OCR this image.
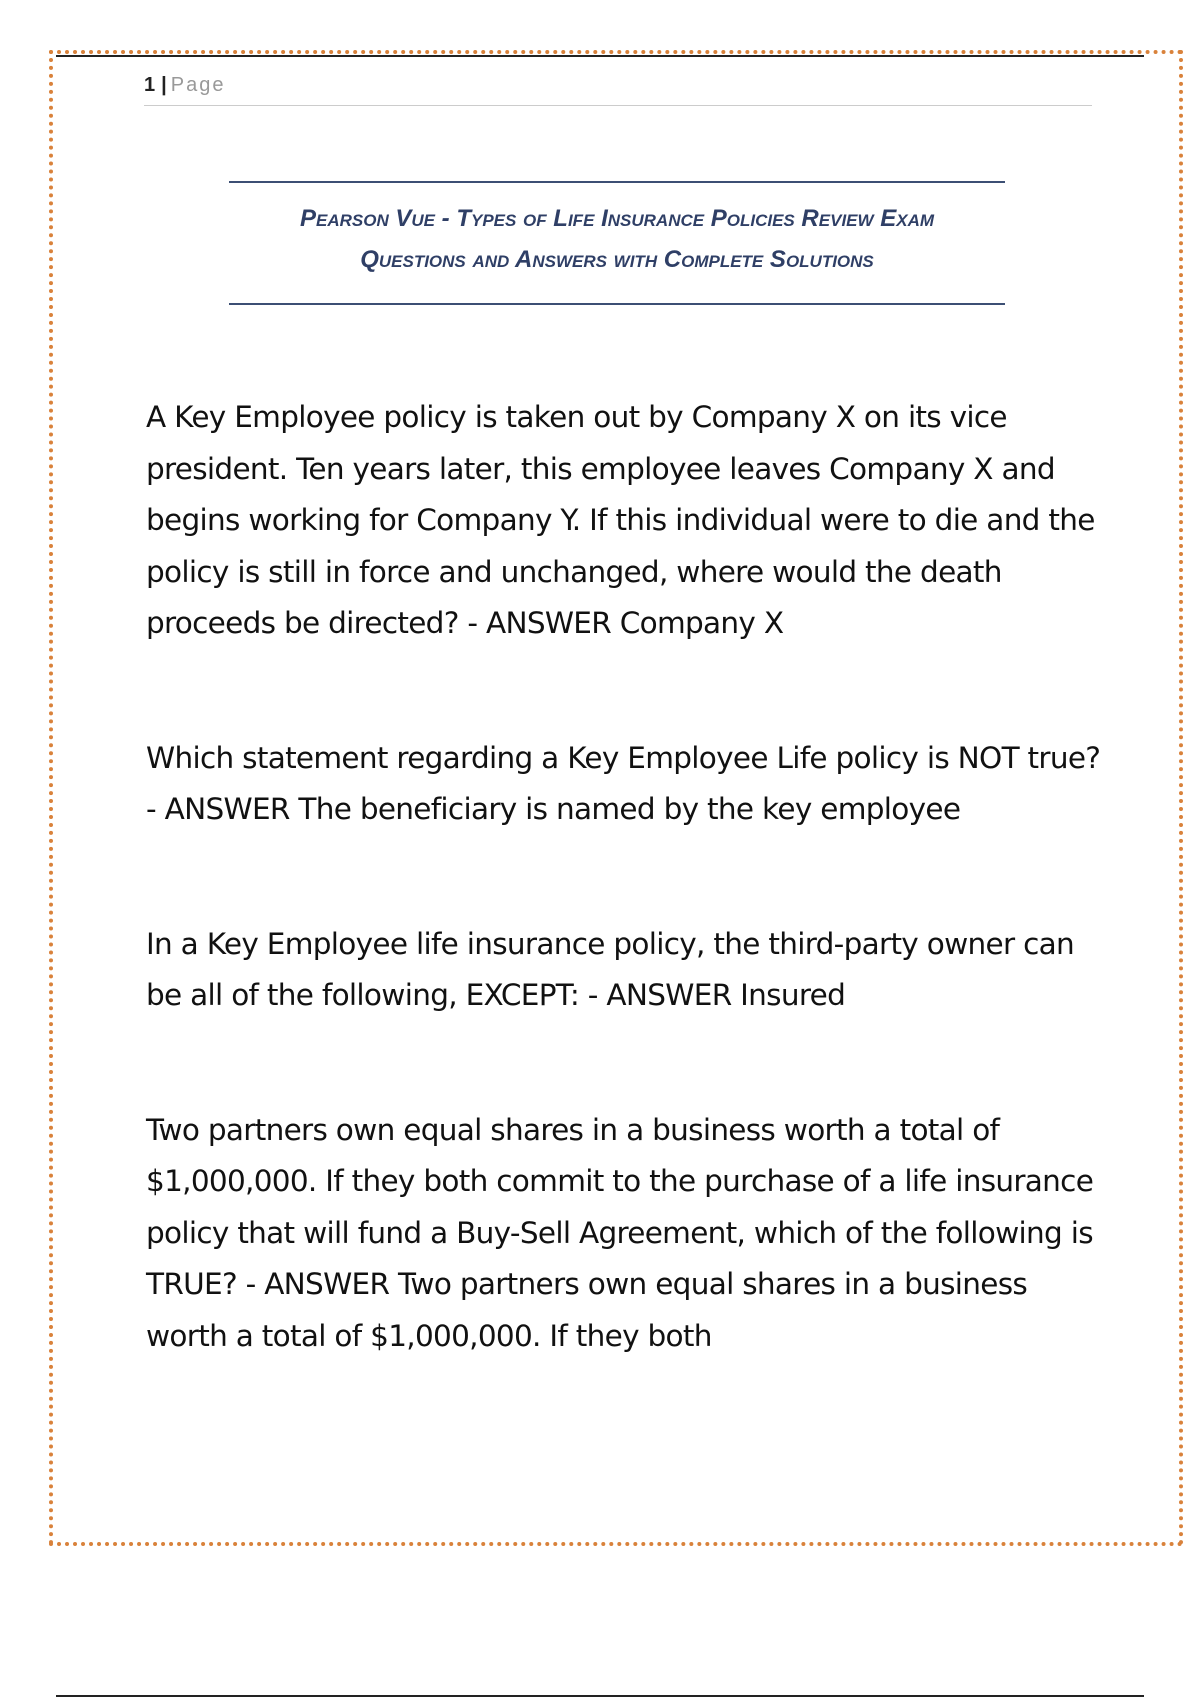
1 | Page
Pearson Vue - Types of Life Insurance Policies Review Exam
Questions and Answers with Complete Solutions

A Key Employee policy is taken out by Company X on its vice president. Ten years later, this employee leaves Company X and begins working for Company Y. If this individual were to die and the policy is still in force and unchanged, where would the death proceeds be directed? - ANSWER Company X

Which statement regarding a Key Employee Life policy is NOT true? - ANSWER The beneficiary is named by the key employee

In a Key Employee life insurance policy, the third-party owner can be all of the following, EXCEPT: - ANSWER Insured

Two partners own equal shares in a business worth a total of $1,000,000. If they both commit to the purchase of a life insurance policy that will fund a Buy-Sell Agreement, which of the following is TRUE? - ANSWER Two partners own equal shares in a business worth a total of $1,000,000. If they both
